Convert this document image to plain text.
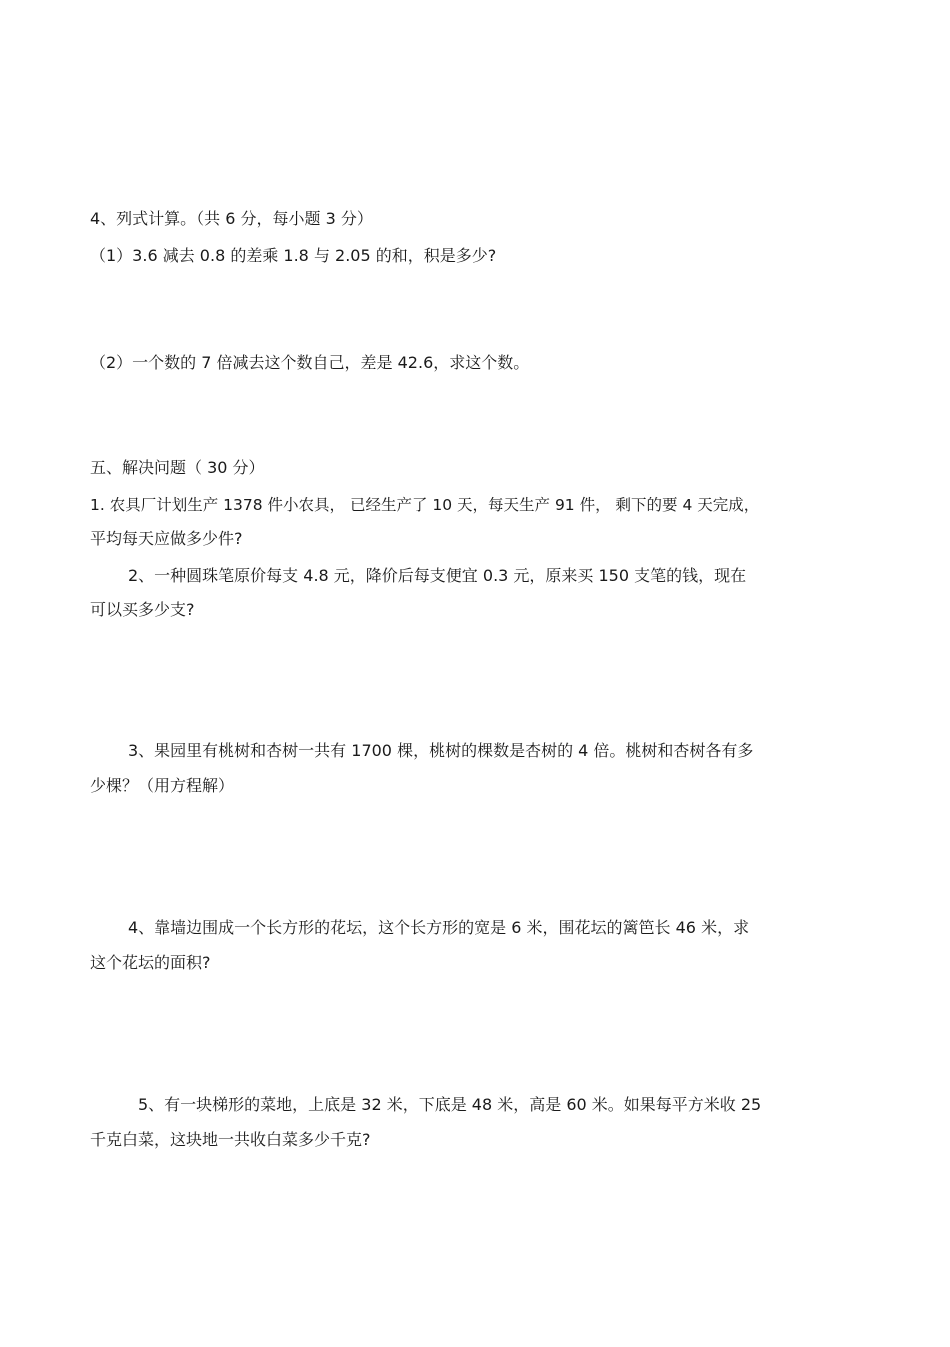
4、列式计算。（共 6 分，每小题 3 分）
（1）3.6 减去 0.8 的差乘 1.8 与 2.05 的和，积是多少?
（2）一个数的 7 倍减去这个数自己，差是 42.6，求这个数。
五、解决问题（ 30 分）
1. 农具厂计划生产 1378 件小农具， 已经生产了 10 天，每天生产 91 件， 剩下的要 4 天完成，
平均每天应做多少件?
2、一种圆珠笔原价每支 4.8 元，降价后每支便宜 0.3 元，原来买 150 支笔的钱，现在
可以买多少支?
3、果园里有桃树和杏树一共有 1700 棵，桃树的棵数是杏树的 4 倍。桃树和杏树各有多
少棵？（用方程解）
4、靠墙边围成一个长方形的花坛，这个长方形的宽是 6 米，围花坛的篱笆长 46 米，求
这个花坛的面积?
5、有一块梯形的菜地，上底是 32 米，下底是 48 米，高是 60 米。如果每平方米收 25
千克白菜，这块地一共收白菜多少千克?
